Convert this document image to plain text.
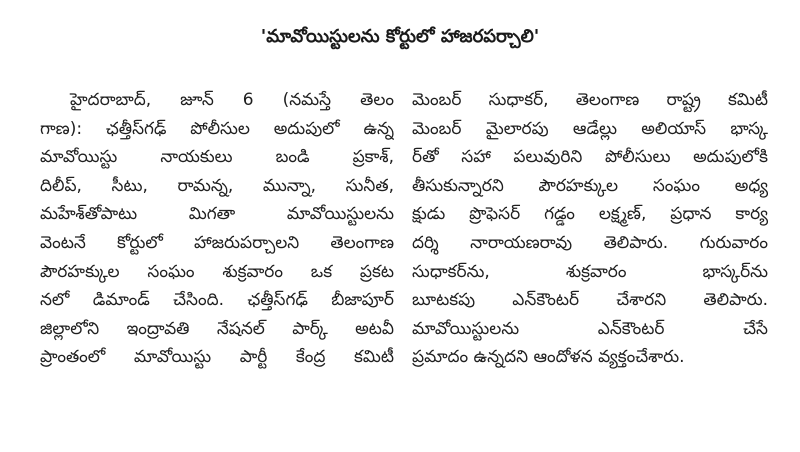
'మావోయిస్టులను కోర్టులో హాజరపర్చాలి'
హైదరాబాద్, జూన్ 6 (నమస్తే తెలం
గాణ): ఛత్తీస్‌గఢ్ పోలీసుల అదుపులో ఉన్న
మావోయిస్టు నాయకులు బండి ప్రకాశ్,
దిలీప్, సీటు, రామన్న, మున్నా, సునీత,
మహేశ్‌తోపాటు మిగతా మావోయిస్టులను
వెంటనే కోర్టులో హాజరుపర్చాలని తెలంగాణ
పౌరహక్కుల సంఘం శుక్రవారం ఒక ప్రకట
నలో డిమాండ్ చేసింది. ఛత్తీస్‌గఢ్ బీజాపూర్
జిల్లాలోని ఇంద్రావతి నేషనల్ పార్క్ అటవీ
ప్రాంతంలో మావోయిస్టు పార్టీ కేంద్ర కమిటీ
మెంబర్ సుధాకర్, తెలంగాణ రాష్ట్ర కమిటీ
మెంబర్ మైలారపు ఆడేల్లు అలియాస్ భాస్క
ర్‌తో సహా పలువురిని పోలీసులు అదుపులోకి
తీసుకున్నారని పౌరహక్కుల సంఘం అధ్య
క్షుడు ప్రొఫెసర్ గడ్డం లక్ష్మణ్, ప్రధాన కార్య
దర్శి నారాయణరావు తెలిపారు. గురువారం
సుధాకర్‌ను, శుక్రవారం భాస్కర్‌ను
బూటకపు ఎన్‌కౌంటర్ చేశారని తెలిపారు.
మావోయిస్టులను ఎన్‌కౌంటర్ చేసే
ప్రమాదం ఉన్నదని ఆందోళన వ్యక్తంచేశారు.
